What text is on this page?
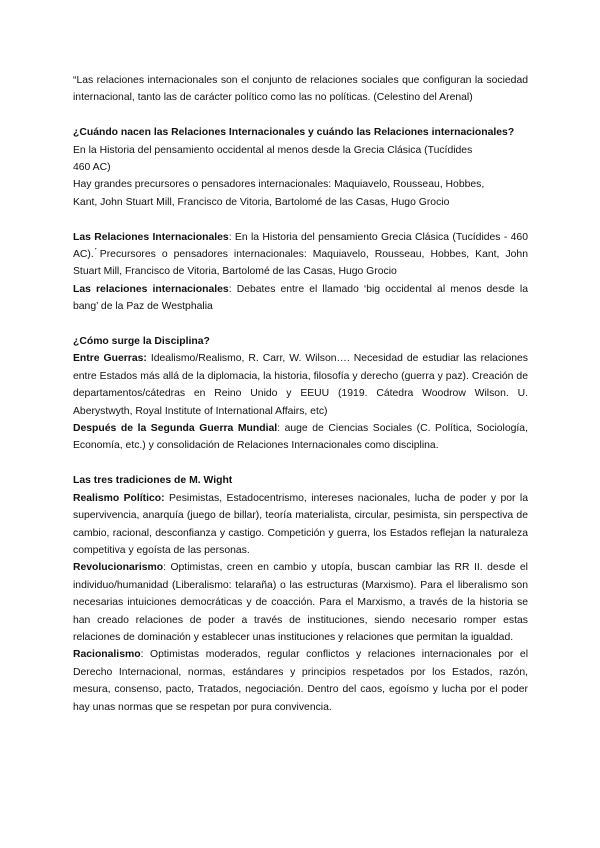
“Las relaciones internacionales son el conjunto de relaciones sociales que configuran la sociedad internacional, tanto las de carácter político como las no políticas. (Celestino del Arenal)

¿Cuándo nacen las Relaciones Internacionales y cuándo las Relaciones internacionales?

En la Historia del pensamiento occidental al menos desde la Grecia Clásica (Tucídides

460 AC)

Hay grandes precursores o pensadores internacionales: Maquiavelo, Rousseau, Hobbes,

Kant, John Stuart Mill, Francisco de Vitoria, Bartolomé de las Casas, Hugo Grocio

Las Relaciones Internacionales: En la Historia del pensamiento Grecia Clásica (Tucídides - 460 AC). ́Precursores o pensadores internacionales: Maquiavelo, Rousseau, Hobbes, Kant, John Stuart Mill, Francisco de Vitoria, Bartolomé de las Casas, Hugo Grocio

Las relaciones internacionales: Debates entre el llamado ‘big occidental al menos desde la bang’ de la Paz de Westphalia

¿Cómo surge la Disciplina?

Entre Guerras: Idealismo/Realismo, R. Carr, W. Wilson…. Necesidad de estudiar las relaciones entre Estados más allá de la diplomacia, la historia, filosofía y derecho (guerra y paz). Creación de departamentos/cátedras en Reino Unido y EEUU (1919. Cátedra Woodrow Wilson. U. Aberystwyth, Royal Institute of International Affairs, etc)

Después de la Segunda Guerra Mundial: auge de Ciencias Sociales (C. Política, Sociología, Economía, etc.) y consolidación de Relaciones Internacionales como disciplina.

Las tres tradiciones de M. Wight

Realismo Político: Pesimistas, Estadocentrismo, intereses nacionales, lucha de poder y por la supervivencia, anarquía (juego de billar), teoría materialista, circular, pesimista, sin perspectiva de cambio, racional, desconfianza y castigo. Competición y guerra, los Estados reflejan la naturaleza competitiva y egoísta de las personas.

Revolucionarismo: Optimistas, creen en cambio y utopía, buscan cambiar las RR II. desde el individuo/humanidad (Liberalismo: telaraña) o las estructuras (Marxismo). Para el liberalismo son necesarias intuiciones democráticas y de coacción. Para el Marxismo, a través de la historia se han creado relaciones de poder a través de instituciones, siendo necesario romper estas relaciones de dominación y establecer unas instituciones y relaciones que permitan la igualdad.

Racionalismo: Optimistas moderados, regular conflictos y relaciones internacionales por el Derecho Internacional, normas, estándares y principios respetados por los Estados, razón, mesura, consenso, pacto, Tratados, negociación. Dentro del caos, egoísmo y lucha por el poder hay unas normas que se respetan por pura convivencia.
